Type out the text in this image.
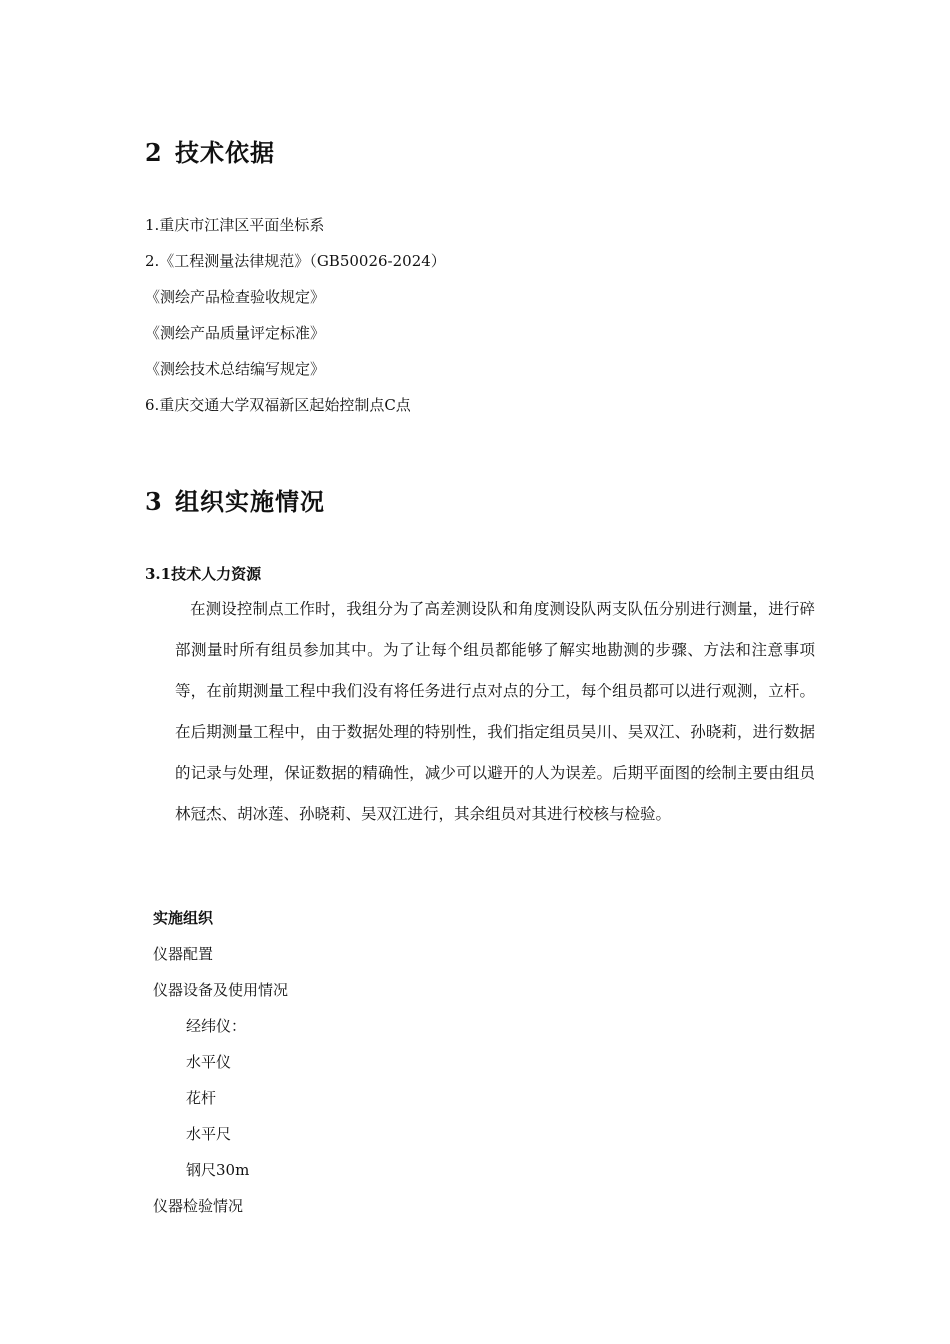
2 技术依据
1.重庆市江津区平面坐标系
2.《工程测量法律规范》（GB50026-2024）
《测绘产品检查验收规定》
《测绘产品质量评定标准》
《测绘技术总结编写规定》
6.重庆交通大学双福新区起始控制点C点
3 组织实施情况
3.1技术人力资源
在测设控制点工作时，我组分为了高差测设队和角度测设队两支队伍分别进行测量，进行碎部测量时所有组员参加其中。为了让每个组员都能够了解实地勘测的步骤、方法和注意事项等，在前期测量工程中我们没有将任务进行点对点的分工，每个组员都可以进行观测，立杆。在后期测量工程中，由于数据处理的特别性，我们指定组员吴川、吴双江、孙晓莉，进行数据的记录与处理，保证数据的精确性，减少可以避开的人为误差。后期平面图的绘制主要由组员林冠杰、胡冰莲、孙晓莉、吴双江进行，其余组员对其进行校核与检验。
实施组织
仪器配置
仪器设备及使用情况
经纬仪：
水平仪
花杆
水平尺
钢尺30m
仪器检验情况
